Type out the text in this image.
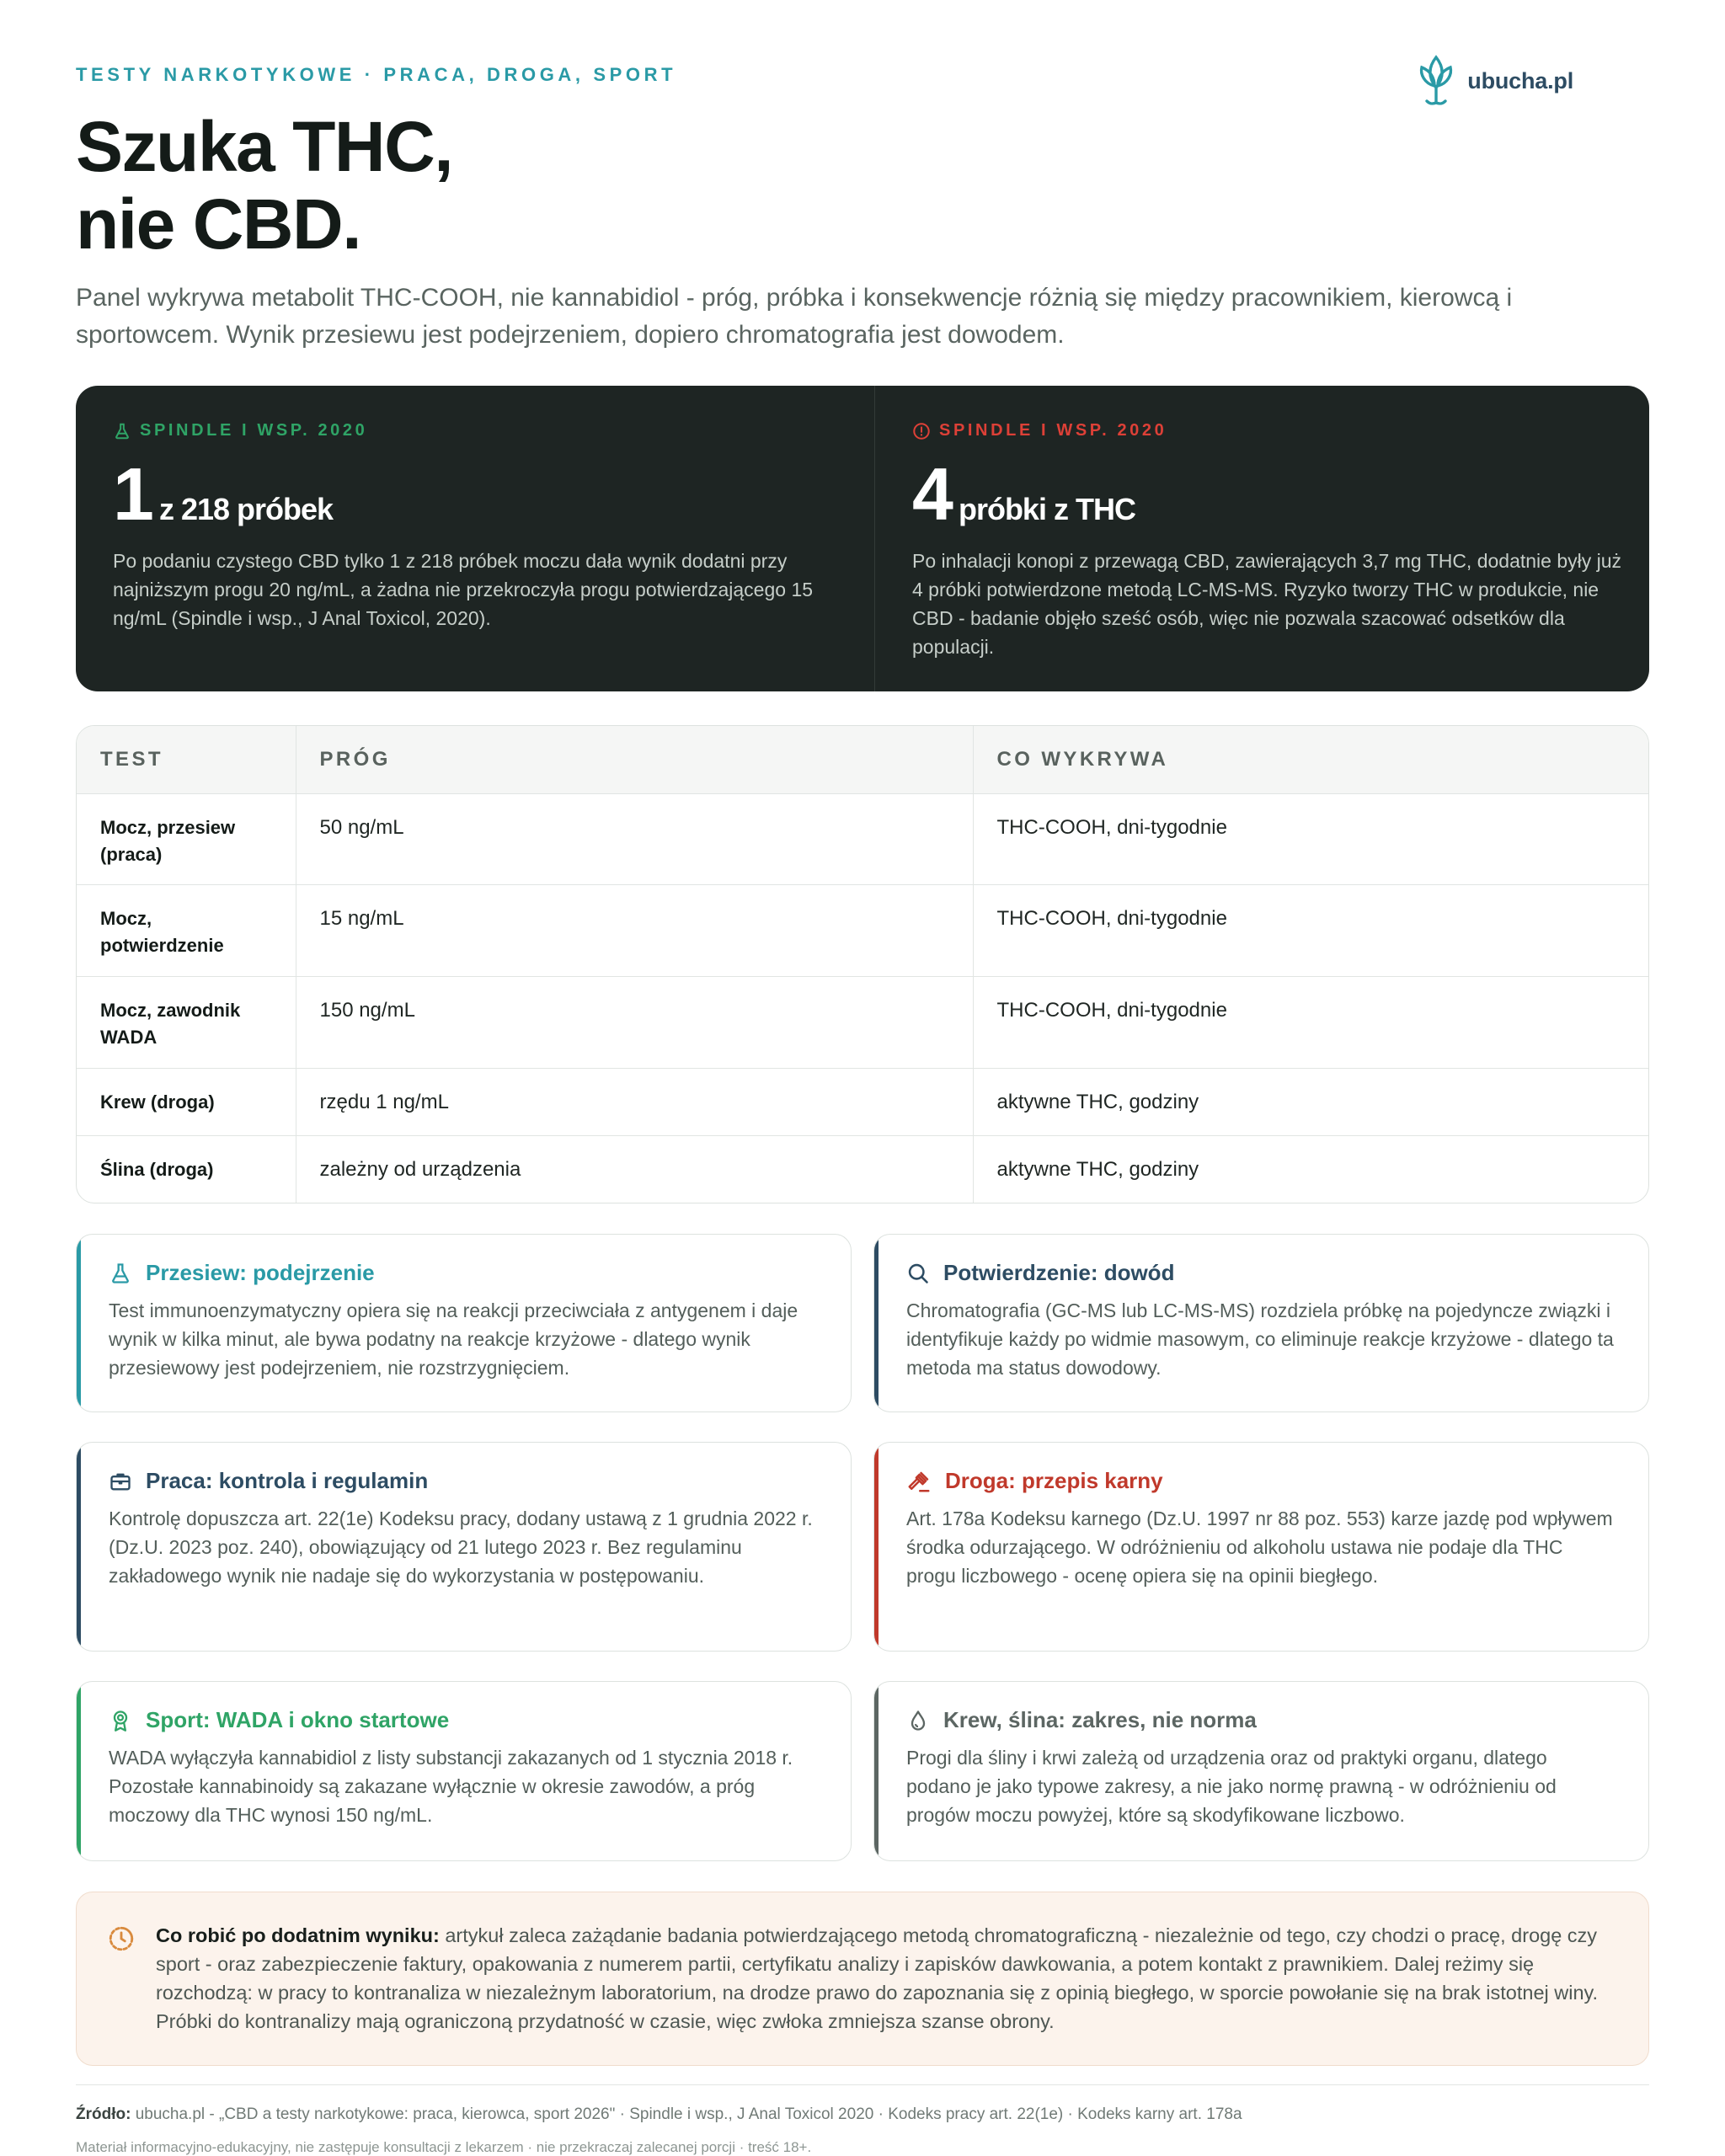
TESTY NARKOTYKOWE · PRACA, DROGA, SPORT
Szuka THC,
nie CBD.

Panel wykrywa metabolit THC-COOH, nie kannabidiol - próg, próbka i konsekwencje różnią się między pracownikiem, kierowcą i sportowcem. Wynik przesiewu jest podejrzeniem, dopiero chromatografia jest dowodem.

ubucha.pl
SPINDLE I WSP. 2020
1 z 218 próbek

Po podaniu czystego CBD tylko 1 z 218 próbek moczu dała wynik dodatni przy najniższym progu 20 ng/mL, a żadna nie przekroczyła progu potwierdzającego 15 ng/mL (Spindle i wsp., J Anal Toxicol, 2020).

SPINDLE I WSP. 2020
4 próbki z THC

Po inhalacji konopi z przewagą CBD, zawierających 3,7 mg THC, dodatnie były już 4 próbki potwierdzone metodą LC-MS-MS. Ryzyko tworzy THC w produkcie, nie CBD - badanie objęło sześć osób, więc nie pozwala szacować odsetków dla populacji.

TEST	PRÓG	CO WYKRYWA
Mocz, przesiew (praca)	50 ng/mL	THC-COOH, dni-tygodnie
Mocz, potwierdzenie	15 ng/mL	THC-COOH, dni-tygodnie
Mocz, zawodnik WADA	150 ng/mL	THC-COOH, dni-tygodnie
Krew (droga)	rzędu 1 ng/mL	aktywne THC, godziny
Ślina (droga)	zależny od urządzenia	aktywne THC, godziny
Przesiew: podejrzenie

Test immunoenzymatyczny opiera się na reakcji przeciwciała z antygenem i daje wynik w kilka minut, ale bywa podatny na reakcje krzyżowe - dlatego wynik przesiewowy jest podejrzeniem, nie rozstrzygnięciem.

Potwierdzenie: dowód

Chromatografia (GC-MS lub LC-MS-MS) rozdziela próbkę na pojedyncze związki i identyfikuje każdy po widmie masowym, co eliminuje reakcje krzyżowe - dlatego ta metoda ma status dowodowy.

Praca: kontrola i regulamin

Kontrolę dopuszcza art. 22(1e) Kodeksu pracy, dodany ustawą z 1 grudnia 2022 r. (Dz.U. 2023 poz. 240), obowiązujący od 21 lutego 2023 r. Bez regulaminu zakładowego wynik nie nadaje się do wykorzystania w postępowaniu.

Droga: przepis karny

Art. 178a Kodeksu karnego (Dz.U. 1997 nr 88 poz. 553) karze jazdę pod wpływem środka odurzającego. W odróżnieniu od alkoholu ustawa nie podaje dla THC progu liczbowego - ocenę opiera się na opinii biegłego.

Sport: WADA i okno startowe

WADA wyłączyła kannabidiol z listy substancji zakazanych od 1 stycznia 2018 r. Pozostałe kannabinoidy są zakazane wyłącznie w okresie zawodów, a próg moczowy dla THC wynosi 150 ng/mL.

Krew, ślina: zakres, nie norma

Progi dla śliny i krwi zależą od urządzenia oraz od praktyki organu, dlatego podano je jako typowe zakresy, a nie jako normę prawną - w odróżnieniu od progów moczu powyżej, które są skodyfikowane liczbowo.

Co robić po dodatnim wyniku: artykuł zaleca zażądanie badania potwierdzającego metodą chromatograficzną - niezależnie od tego, czy chodzi o pracę, drogę czy sport - oraz zabezpieczenie faktury, opakowania z numerem partii, certyfikatu analizy i zapisków dawkowania, a potem kontakt z prawnikiem. Dalej reżimy się rozchodzą: w pracy to kontranaliza w niezależnym laboratorium, na drodze prawo do zapoznania się z opinią biegłego, w sporcie powołanie się na brak istotnej winy. Próbki do kontranalizy mają ograniczoną przydatność w czasie, więc zwłoka zmniejsza szanse obrony.

Źródło: ubucha.pl - „CBD a testy narkotykowe: praca, kierowca, sport 2026" · Spindle i wsp., J Anal Toxicol 2020 · Kodeks pracy art. 22(1e) · Kodeks karny art. 178a

Materiał informacyjno-edukacyjny, nie zastępuje konsultacji z lekarzem · nie przekraczaj zalecanej porcji · treść 18+.
